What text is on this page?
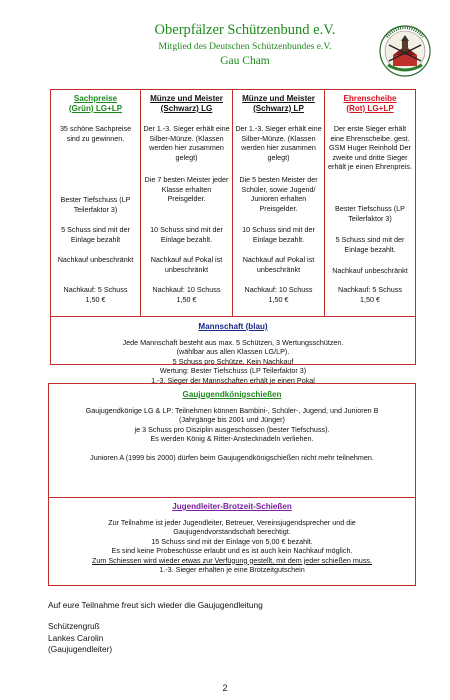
Oberpfälzer Schützenbund e.V.
Mitglied des Deutschen Schützenbundes e.V.
Gau Cham
Sachpreise
(Grün) LG+LP
35 schöne Sachpreise sind zu gewinnen.
Bester Tiefschuss (LP Teilerfaktor 3)
5 Schuss sind mit der Einlage bezahlt
Nachkauf unbeschränkt
Nachkauf: 5 Schuss
1,50 €
Münze und Meister
(Schwarz) LG
Der 1.-3. Sieger erhält eine Silber-Münze. (Klassen werden hier zusammen gelegt)
Die 7 besten Meister jeder Klasse erhalten Preisgelder.
10 Schuss sind mit der Einlage bezahlt.
Nachkauf auf Pokal ist unbeschränkt
Nachkauf: 10 Schuss
1,50 €
Münze und Meister
(Schwarz) LP
Der 1.-3. Sieger erhält eine Silber-Münze. (Klassen werden hier zusammen gelegt)
Die 5 besten Meister der Schüler, sowie Jugend/ Junioren erhalten Preisgelder.
10 Schuss sind mit der Einlage bezahlt.
Nachkauf auf Pokal ist unbeschränkt
Nachkauf: 10 Schuss
1,50 €
Ehrenscheibe
(Rot) LG+LP
Der erste Sieger erhält eine Ehrenscheibe. gest. GSM Huger Reinhold Der zweite und dritte Sieger erhält je einen Ehrenpreis.
Bester Tiefschuss (LP Teilerfaktor 3)
5 Schuss sind mit der Einlage bezahlt.
Nachkauf unbeschränkt
Nachkauf: 5 Schuss
1,50 €
Mannschaft (blau)
Jede Mannschaft besteht aus max. 5 Schützen, 3 Wertungsschützen.
(wählbar aus allen Klassen LG/LP).
5 Schuss pro Schütze, Kein Nachkauf
Wertung: Bester Tiefschuss (LP Teilerfaktor 3)
1.-3. Sieger der Mannschaften erhält je einen Pokal
Gaujugendkönigschießen
Gaujugendkönige LG & LP: Teilnehmen können Bambini-, Schüler-, Jugend, und Junioren B
(Jahrgänge bis 2001 und Jünger)
je 3 Schuss pro Disziplin ausgeschossen (bester Tiefschuss).
Es werden König & Ritter-Anstecknadeln verliehen.
Junioren A (1999 bis 2000) dürfen beim Gaujugendkönigschießen nicht mehr teilnehmen.
Jugendleiter-Brotzeit-Schießen
Zur Teilnahme ist jeder Jugendleiter, Betreuer, Vereinsjugendsprecher und die
Gaujugendvorstandschaft berechtigt.
15 Schuss sind mit der Einlage von 5,00 € bezahlt.
Es sind keine Probeschüsse erlaubt und es ist auch kein Nachkauf möglich.
Zum Schiessen wird wieder etwas zur Verfügung gestellt, mit dem jeder schießen muss.
1.-3. Sieger erhalten je eine Brotzeitgutschein
Auf eure Teilnahme freut sich wieder die Gaujugendleitung
Schützengruß
Lankes Carolin
(Gaujugendleiter)
2
